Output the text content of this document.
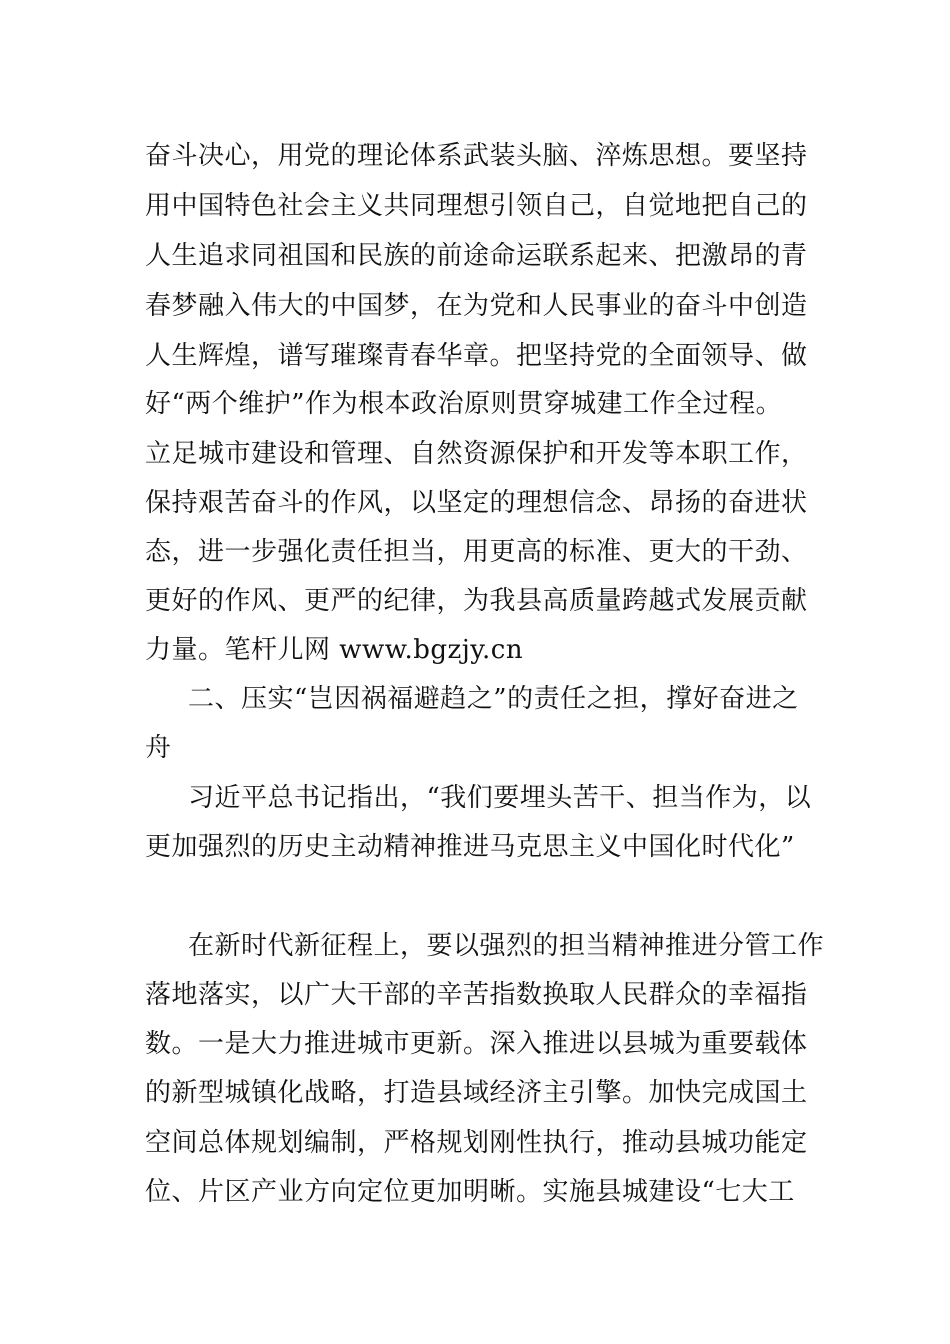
奋斗决心，用党的理论体系武装头脑、淬炼思想。要坚持
用中国特色社会主义共同理想引领自己，自觉地把自己的
人生追求同祖国和民族的前途命运联系起来、把激昂的青
春梦融入伟大的中国梦，在为党和人民事业的奋斗中创造
人生辉煌，谱写璀璨青春华章。把坚持党的全面领导、做
好“两个维护”作为根本政治原则贯穿城建工作全过程。
立足城市建设和管理、自然资源保护和开发等本职工作，
保持艰苦奋斗的作风，以坚定的理想信念、昂扬的奋进状
态，进一步强化责任担当，用更高的标准、更大的干劲、
更好的作风、更严的纪律，为我县高质量跨越式发展贡献
力量。笔杆儿网 www.bgzjy.cn
二、压实“岂因祸福避趋之”的责任之担，撑好奋进之
舟
习近平总书记指出，“我们要埋头苦干、担当作为，以
更加强烈的历史主动精神推进马克思主义中国化时代化”
在新时代新征程上，要以强烈的担当精神推进分管工作
落地落实，以广大干部的辛苦指数换取人民群众的幸福指
数。一是大力推进城市更新。深入推进以县城为重要载体
的新型城镇化战略，打造县域经济主引擎。加快完成国土
空间总体规划编制，严格规划刚性执行，推动县城功能定
位、片区产业方向定位更加明晰。实施县城建设“七大工
